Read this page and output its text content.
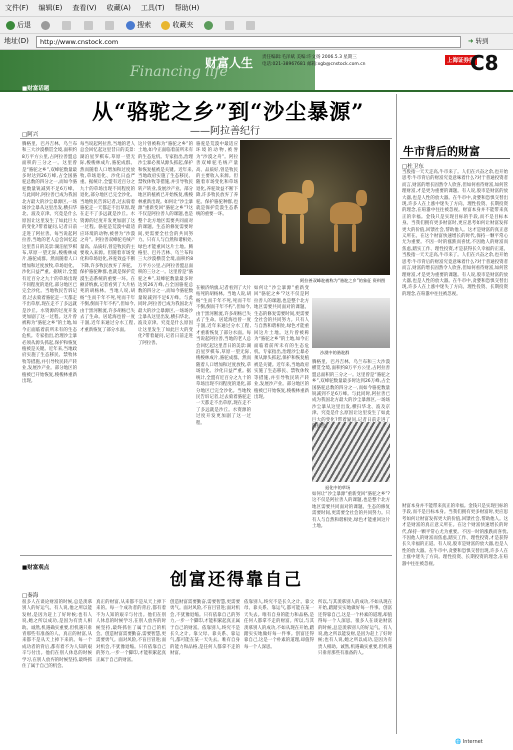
文件(F) 编辑(E) 查看(V) 收藏(A) 工具(T) 帮助(H)
后退	搜索	收藏夹
地址(D)	http://www.cnstock.com	➜ 转到
Financing life
财富人生 责任编辑:毛泽斌 美编:许文扬 2006.5.3 星期三
电话:021-38967681 邮箱:xgb@cnstock.com.cn
上海证券报
C8
■财富话题
从“骆驼之乡”到“沙尘暴源”
——阿拉善纪行
□阿兴
腾格里、巴丹吉林、乌兰布和三大沙漠横贯全境,面积约8万平方公里,占阿拉善盟总面积的三分之一。这里曾是“骆驼之乡”,双峰驼数量最多时达到26万峰,占全国骆驼总数的四分之一,而如今骆驼数量锐减到不足6万峰。与此同时,阿拉善已成为我国北方最大的沙尘暴源区,一场场沙尘暴从这里出发,横扫华北、波及京津。究竟是什么原因让这里发生了如此巨大的变化?带着疑问,记者日前走进了阿拉善。每当说起阿拉善,当地的老人总会回忆起这里昔日的美景:湖泊星罗棋布,草原一望无际,梭梭林成片,骆驼成群。然而随着人口增加和过度放牧,草场退化、沙化日益严重。据统计,全盟有近百分之九十的草场出现不同程度的退化,部分地区已完全沙化。当地牧民告诉记者,过去骑着骆驼走一天都走不出草原,现在走不了多远就是沙丘。水资源的过度开发更加剧了这一过程。这片曾被称为“骆驼之乡”的土地,如今正面临着前所未有的生态危机。专家指出,治理沙尘暴必须从源头抓起,保护和恢复植被是关键。近年来,当地政府实施了生态移民、禁牧休牧等措施,并引导牧民转产转业,发展沙产业。部分地区的植被已开始恢复,梭梭林重新出现。
每当说起阿拉善,当地的老人总会回忆起这里昔日的美景:湖泊星罗棋布,草原一望无际,梭梭林成片,骆驼成群。然而随着人口增加和过度放牧,草场退化、沙化日益严重。据统计,全盟有近百分之九十的草场出现不同程度的退化,部分地区已完全沙化。当地牧民告诉记者,过去骑着骆驼走一天都走不出草原,现在走不了多远就是沙丘。水资源的过度开发更加剧了这一过程。骆驼是荒漠中最适应环境的动物,被誉为“沙漠之舟”。阿拉善双峰驼毛绒产量高、品质好,曾是牧民的主要收入来源。但随着市场变化和草场退化,养驼效益不断下降,许多牧民放弃了养驼。保护骆驼种群,也就是保护荒漠生态系统的重要一环。在额济纳旗,记者看到了大片枯死的胡杨林。当地人说,胡杨“生而千年不死,死而千年不倒,倒而千年不朽”,但如今,由于黑河断流,许多胡杨已失去了生命。居延海也曾一度干涸,近年来通过分水工程,才重新恢复了部分水面。
这片曾被称为“骆驼之乡”的土地,如今正面临着前所未有的生态危机。专家指出,治理沙尘暴必须从源头抓起,保护和恢复植被是关键。近年来,当地政府实施了生态移民、禁牧休牧等措施,并引导牧民转产转业,发展沙产业。部分地区的植被已开始恢复,梭梭林重新出现。如何让“沙尘暴源”重新变回“骆驼之乡”?这不仅是阿拉善人的课题,也是整个北方地区需要共同面对的课题。生态的修复需要时间,更需要全社会的共同努力。只有人与自然和谐相处,绿色才能重回这片土地。腾格里、巴丹吉林、乌兰布和三大沙漠横贯全境,面积约8万平方公里,占阿拉善盟总面积的三分之一。这里曾是“骆驼之乡”,双峰驼数量最多时达到26万峰,占全国骆驼总数的四分之一,而如今骆驼数量锐减到不足6万峰。与此同时,阿拉善已成为我国北方最大的沙尘暴源区,一场场沙尘暴从这里出发,横扫华北、波及京津。究竟是什么原因让这里发生了如此巨大的变化?带着疑问,记者日前走进了阿拉善。
阿拉善双峰驼被称为“骆驼之乡”的象征 资料图
骆驼是荒漠中最适应环境的动物,被誉为“沙漠之舟”。阿拉善双峰驼毛绒产量高、品质好,曾是牧民的主要收入来源。但随着市场变化和草场退化,养驼效益不断下降,许多牧民放弃了养驼。保护骆驼种群,也就是保护荒漠生态系统的重要一环。
在额济纳旗,记者看到了大片枯死的胡杨林。当地人说,胡杨“生而千年不死,死而千年不倒,倒而千年不朽”,但如今,由于黑河断流,许多胡杨已失去了生命。居延海也曾一度干涸,近年来通过分水工程,才重新恢复了部分水面。每当说起阿拉善,当地的老人总会回忆起这里昔日的美景:湖泊星罗棋布,草原一望无际,梭梭林成片,骆驼成群。然而随着人口增加和过度放牧,草场退化、沙化日益严重。据统计,全盟有近百分之九十的草场出现不同程度的退化,部分地区已完全沙化。当地牧民告诉记者,过去骑着骆驼走一天都走不出草原,现在走不了多远就是沙丘。水资源的过度开发更加剧了这一过程。
如何让“沙尘暴源”重新变回“骆驼之乡”?这不仅是阿拉善人的课题,也是整个北方地区需要共同面对的课题。生态的修复需要时间,更需要全社会的共同努力。只有人与自然和谐相处,绿色才能重回这片土地。这片曾被称为“骆驼之乡”的土地,如今正面临着前所未有的生态危机。专家指出,治理沙尘暴必须从源头抓起,保护和恢复植被是关键。近年来,当地政府实施了生态移民、禁牧休牧等措施,并引导牧民转产转业,发展沙产业。部分地区的植被已开始恢复,梭梭林重新出现。
沙漠中的骆驼群
退化中的草场
腾格里、巴丹吉林、乌兰布和三大沙漠横贯全境,面积约8万平方公里,占阿拉善盟总面积的三分之一。这里曾是“骆驼之乡”,双峰驼数量最多时达到26万峰,占全国骆驼总数的四分之一,而如今骆驼数量锐减到不足6万峰。与此同时,阿拉善已成为我国北方最大的沙尘暴源区,一场场沙尘暴从这里出发,横扫华北、波及京津。究竟是什么原因让这里发生了如此巨大的变化?带着疑问,记者日前走进了阿拉善。
如何让“沙尘暴源”重新变回“骆驼之乡”?这不仅是阿拉善人的课题,也是整个北方地区需要共同面对的课题。生态的修复需要时间,更需要全社会的共同努力。只有人与自然和谐相处,绿色才能重回这片土地。
牛市背后的财富
□杜卫东
当股指一天天走高,牛市来了。人们在兴奋之余,也开始思考:牛市背后的财富究竟意味着什么?对于普通投资者而言,财富的增长固然令人欣喜,但如何看待财富,如何管理财富,才是更为重要的课题。有人说,股市是财富的放大器,也是人性的放大器。在牛市中,贪婪和恐惧交替出现,许多人在上涨中迷失了方向。理性投资、长期投资的理念,在喧嚣中往往被忽视。财富本身并不能带来真正的幸福。金钱只是实现目标的手段,而不是目标本身。当我们拥有更多财富时,更应思考如何让财富发挥更大的价值,回馈社会,帮助他人。这才是财富的真正意义所在。在这个财富快速增长的时代,保持一颗平常心尤为重要。不因一时的涨跌而喜忧,不因他人的财富而焦虑,踏实工作、理性投资,才是获得长久幸福的正道。当股指一天天走高,牛市来了。人们在兴奋之余,也开始思考:牛市背后的财富究竟意味着什么?对于普通投资者而言,财富的增长固然令人欣喜,但如何看待财富,如何管理财富,才是更为重要的课题。有人说,股市是财富的放大器,也是人性的放大器。在牛市中,贪婪和恐惧交替出现,许多人在上涨中迷失了方向。理性投资、长期投资的理念,在喧嚣中往往被忽视。
财富本身并不能带来真正的幸福。金钱只是实现目标的手段,而不是目标本身。当我们拥有更多财富时,更应思考如何让财富发挥更大的价值,回馈社会,帮助他人。这才是财富的真正意义所在。在这个财富快速增长的时代,保持一颗平常心尤为重要。不因一时的涨跌而喜忧,不因他人的财富而焦虑,踏实工作、理性投资,才是获得长久幸福的正道。有人说,股市是财富的放大器,也是人性的放大器。在牛市中,贪婪和恐惧交替出现,许多人在上涨中迷失了方向。理性投资、长期投资的理念,在喧嚣中往往被忽视。
■财富观点
创富还得靠自己
□秦海
很多人在谈论财富的时候,总是羡慕别人的好运气。有人说,他之所以能发财,是因为赶上了好时候;也有人说,她之所以成功,是因为有贵人相助。诚然,机遇确实重要,但机遇只垂青那些有准备的人。真正的财富,从来都不是从天上掉下来的。每一个成功者的背后,都有着不为人知的艰辛与付出。他们在别人休息的时候学习,在别人放弃的时候坚持,最终抓住了属于自己的机会。
真正的财富,从来都不是从天上掉下来的。每一个成功者的背后,都有着不为人知的艰辛与付出。他们在别人休息的时候学习,在别人放弃的时候坚持,最终抓住了属于自己的机会。创造财富需要勤奋,需要智慧,更需要勇气。面对风险,不盲目冒进;面对机会,不犹豫退缩。只有依靠自己的努力,一步一个脚印,才能积累起真正属于自己的财富。
创造财富需要勤奋,需要智慧,更需要勇气。面对风险,不盲目冒进;面对机会,不犹豫退缩。只有依靠自己的努力,一步一个脚印,才能积累起真正属于自己的财富。依靠别人,终究不是长久之计。靠父母、靠关系、靠运气,都可能在某一天失去。唯有自身的能力和品格,是任何人都拿不走的财富。
依靠别人,终究不是长久之计。靠父母、靠关系、靠运气,都可能在某一天失去。唯有自身的能力和品格,是任何人都拿不走的财富。所以,与其羡慕别人的成功,不如从现在开始,踏踏实实地做好每一件事。创富还得靠自己,这是一个朴素的道理,却值得每一个人深思。
所以,与其羡慕别人的成功,不如从现在开始,踏踏实实地做好每一件事。创富还得靠自己,这是一个朴素的道理,却值得每一个人深思。很多人在谈论财富的时候,总是羡慕别人的好运气。有人说,他之所以能发财,是因为赶上了好时候;也有人说,她之所以成功,是因为有贵人相助。诚然,机遇确实重要,但机遇只垂青那些有准备的人。
🌐 Internet
